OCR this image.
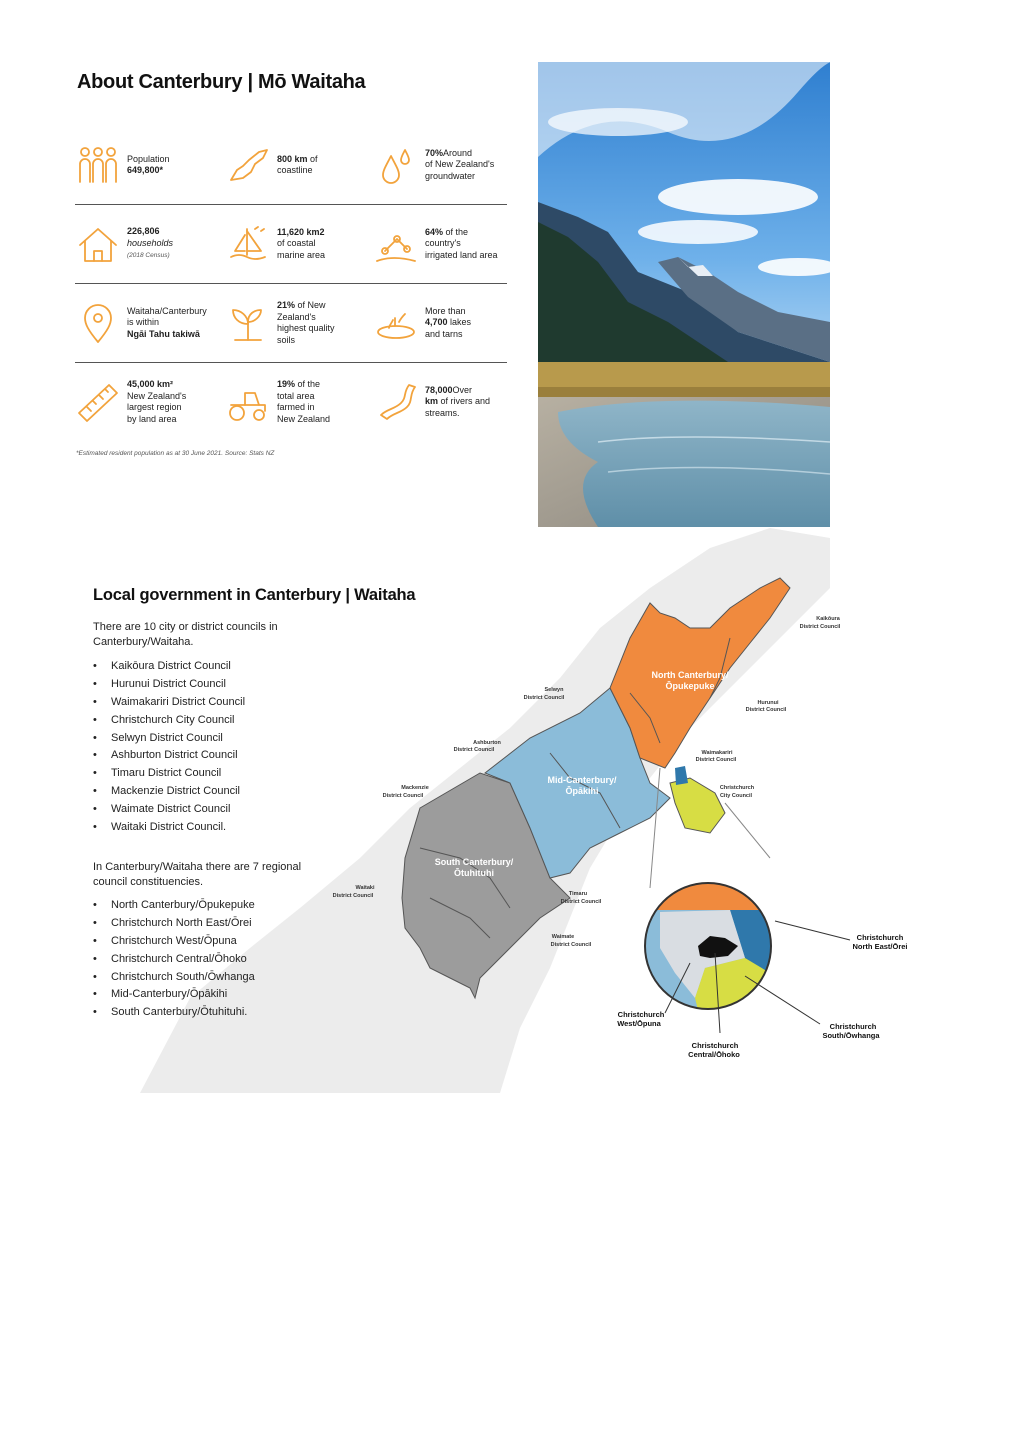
About Canterbury | Mō Waitaha
Population
649,800*
800 km of
coastline
70%Around
of New Zealand's
groundwater
226,806
households
(2018 Census)
11,620 km2
of coastal
marine area
64% of the
country's
irrigated land area
Waitaha/Canterbury
is within
Ngāi Tahu takiwā
21% of New
Zealand's
highest quality
soils
More than
4,700 lakes
and tarns
45,000 km²
New Zealand's
largest region
by land area
19% of the
total area
farmed in
New Zealand
78,000Over
km of rivers and
streams.
*Estimated resident population as at 30 June 2021. Source: Stats NZ
North Canterbury/
Ōpukepuke
Mid-Canterbury/
Ōpākihi
South Canterbury/
Ōtuhituhi
Kaikōura
District Council
Hurunui
District Council
Selwyn
District Council
Ashburton
District Council	Waimakariri
District Council
Mackenzie
District Council
Christchurch
City Council
Waitaki
District Council	Timaru
District Council
Waimate
District Council
Christchurch
North East/Ōrei
Christchurch
West/Ōpuna
Christchurch
Central/Ōhoko
Christchurch
South/Ōwhanga
Local government in Canterbury | Waitaha
There are 10 city or district councils in Canterbury/Waitaha.
• Kaikōura District Council
• Hurunui District Council
• Waimakariri District Council
• Christchurch City Council
• Selwyn District Council
• Ashburton District Council
• Timaru District Council
• Mackenzie District Council
• Waimate District Council
• Waitaki District Council.
In Canterbury/Waitaha there are 7 regional council constituencies.
• North Canterbury/Ōpukepuke
• Christchurch North East/Ōrei
• Christchurch West/Ōpuna
• Christchurch Central/Ōhoko
• Christchurch South/Ōwhanga
• Mid-Canterbury/Ōpākihi
• South Canterbury/Ōtuhituhi.
